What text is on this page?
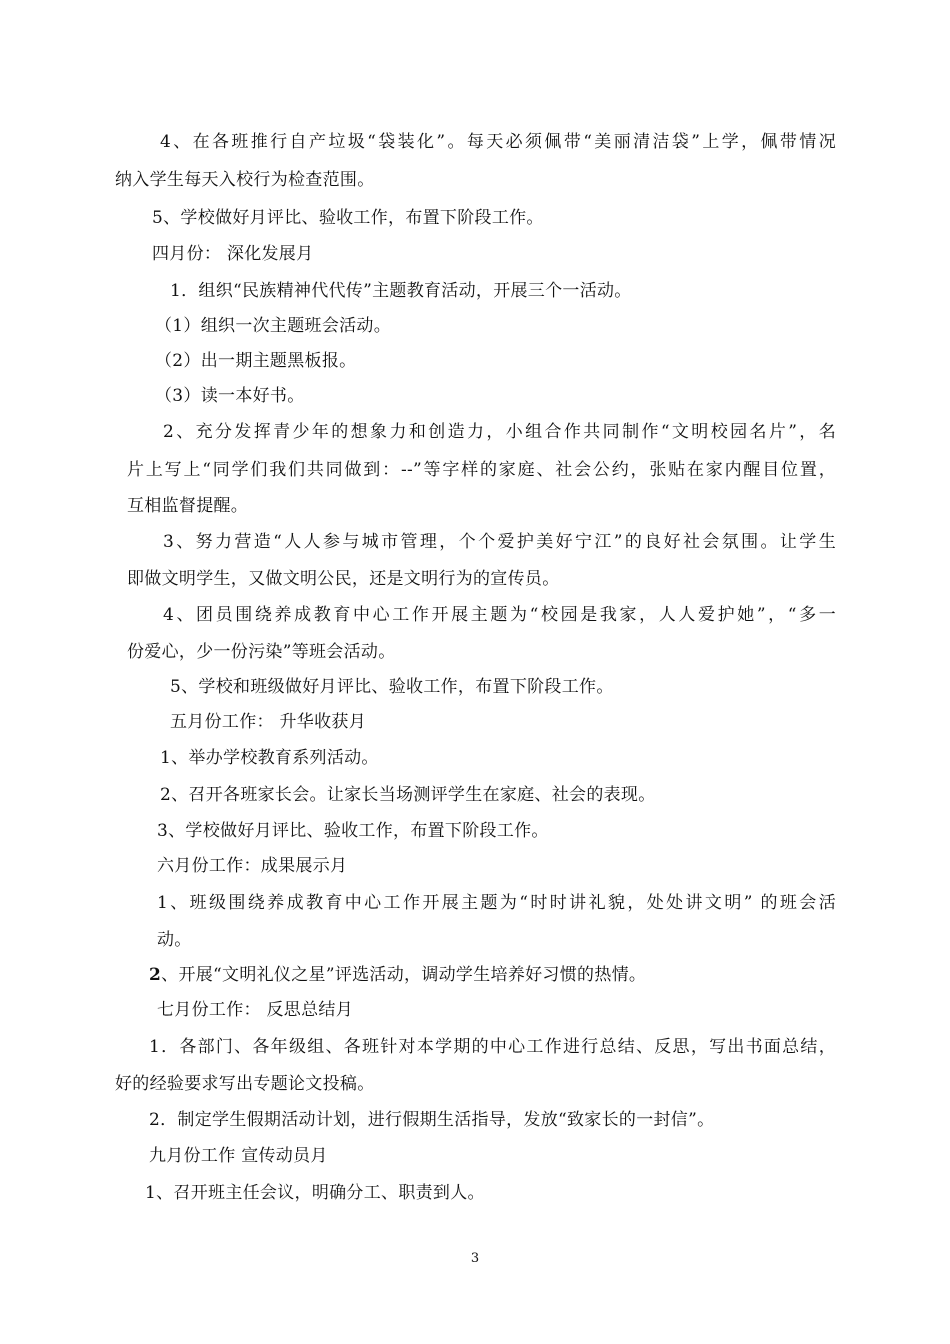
4、在各班推行自产垃圾“袋装化”。每天必须佩带“美丽清洁袋”上学，佩带情况
纳入学生每天入校行为检查范围。
5、学校做好月评比、验收工作，布置下阶段工作。
四月份： 深化发展月
1．组织“民族精神代代传”主题教育活动，开展三个一活动。
（1）组织一次主题班会活动。
（2）出一期主题黑板报。
（3）读一本好书。
2、充分发挥青少年的想象力和创造力，小组合作共同制作“文明校园名片”，名
片上写上“同学们我们共同做到：--”等字样的家庭、社会公约，张贴在家内醒目位置，
互相监督提醒。
3、努力营造“人人参与城市管理，个个爱护美好宁江”的良好社会氛围。让学生
即做文明学生，又做文明公民，还是文明行为的宣传员。
4、团员围绕养成教育中心工作开展主题为“校园是我家，人人爱护她”，“多一
份爱心，少一份污染”等班会活动。
5、学校和班级做好月评比、验收工作，布置下阶段工作。
五月份工作： 升华收获月
1、举办学校教育系列活动。
2、召开各班家长会。让家长当场测评学生在家庭、社会的表现。
3、学校做好月评比、验收工作，布置下阶段工作。
六月份工作：成果展示月
1、班级围绕养成教育中心工作开展主题为“时时讲礼貌，处处讲文明” 的班会活
动。
2、开展“文明礼仪之星”评选活动，调动学生培养好习惯的热情。
七月份工作： 反思总结月
1．各部门、各年级组、各班针对本学期的中心工作进行总结、反思，写出书面总结，
好的经验要求写出专题论文投稿。
2．制定学生假期活动计划，进行假期生活指导，发放“致家长的一封信”。
九月份工作 宣传动员月
1、召开班主任会议，明确分工、职责到人。
3
